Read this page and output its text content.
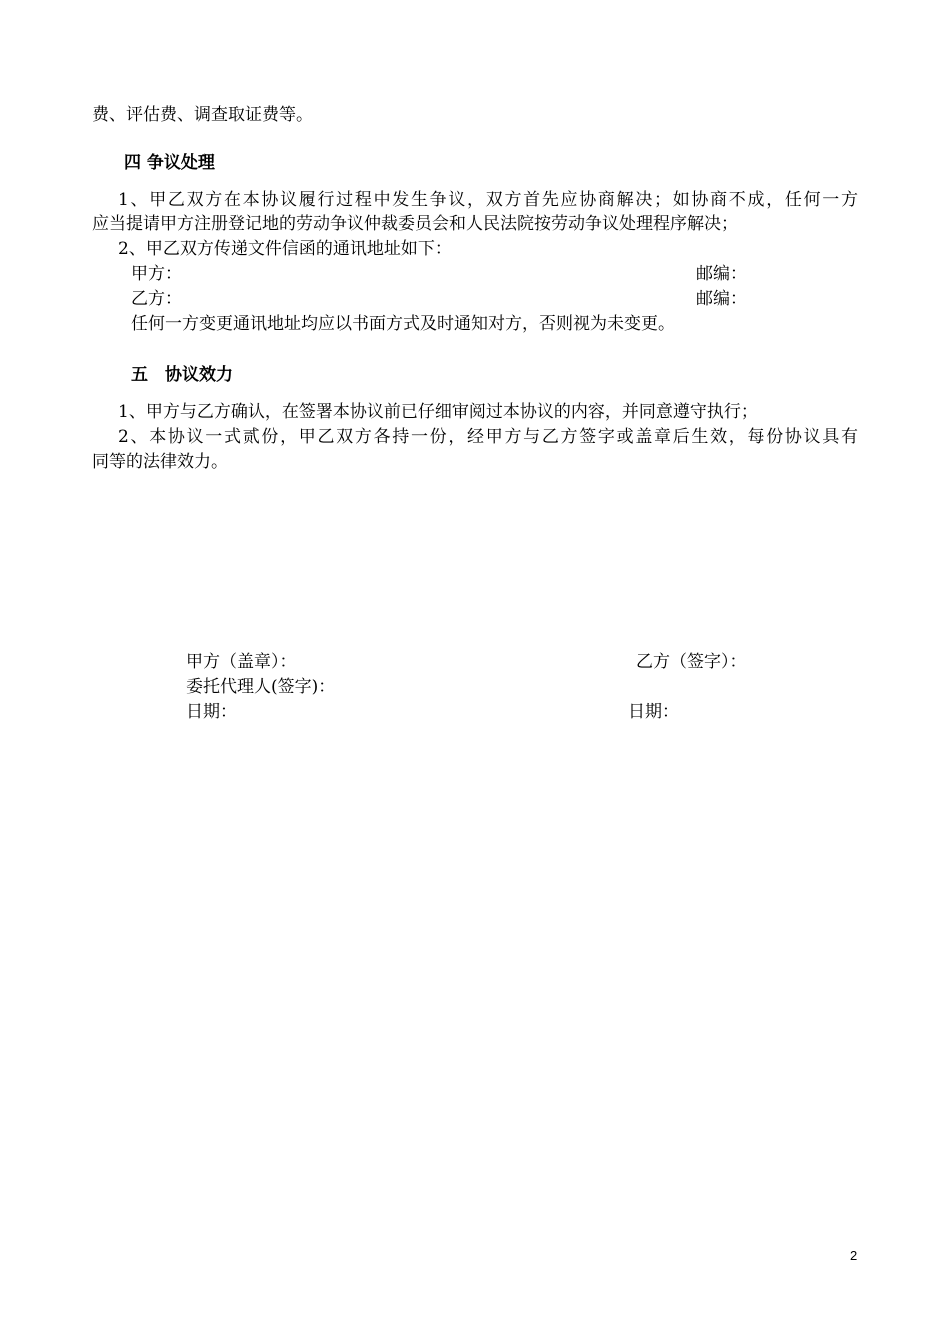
费、评估费、调查取证费等。
四 争议处理
1、甲乙双方在本协议履行过程中发生争议，双方首先应协商解决；如协商不成，任何一方
应当提请甲方注册登记地的劳动争议仲裁委员会和人民法院按劳动争议处理程序解决；
2、甲乙双方传递文件信函的通讯地址如下：
甲方：	邮编：
乙方：	邮编：
任何一方变更通讯地址均应以书面方式及时通知对方，否则视为未变更。
五　协议效力
1、甲方与乙方确认，在签署本协议前已仔细审阅过本协议的内容，并同意遵守执行；
2、本协议一式贰份，甲乙双方各持一份，经甲方与乙方签字或盖章后生效，每份协议具有
同等的法律效力。
甲方（盖章）：	乙方（签字）：
委托代理人(签字)：
日期：	日期：
2
